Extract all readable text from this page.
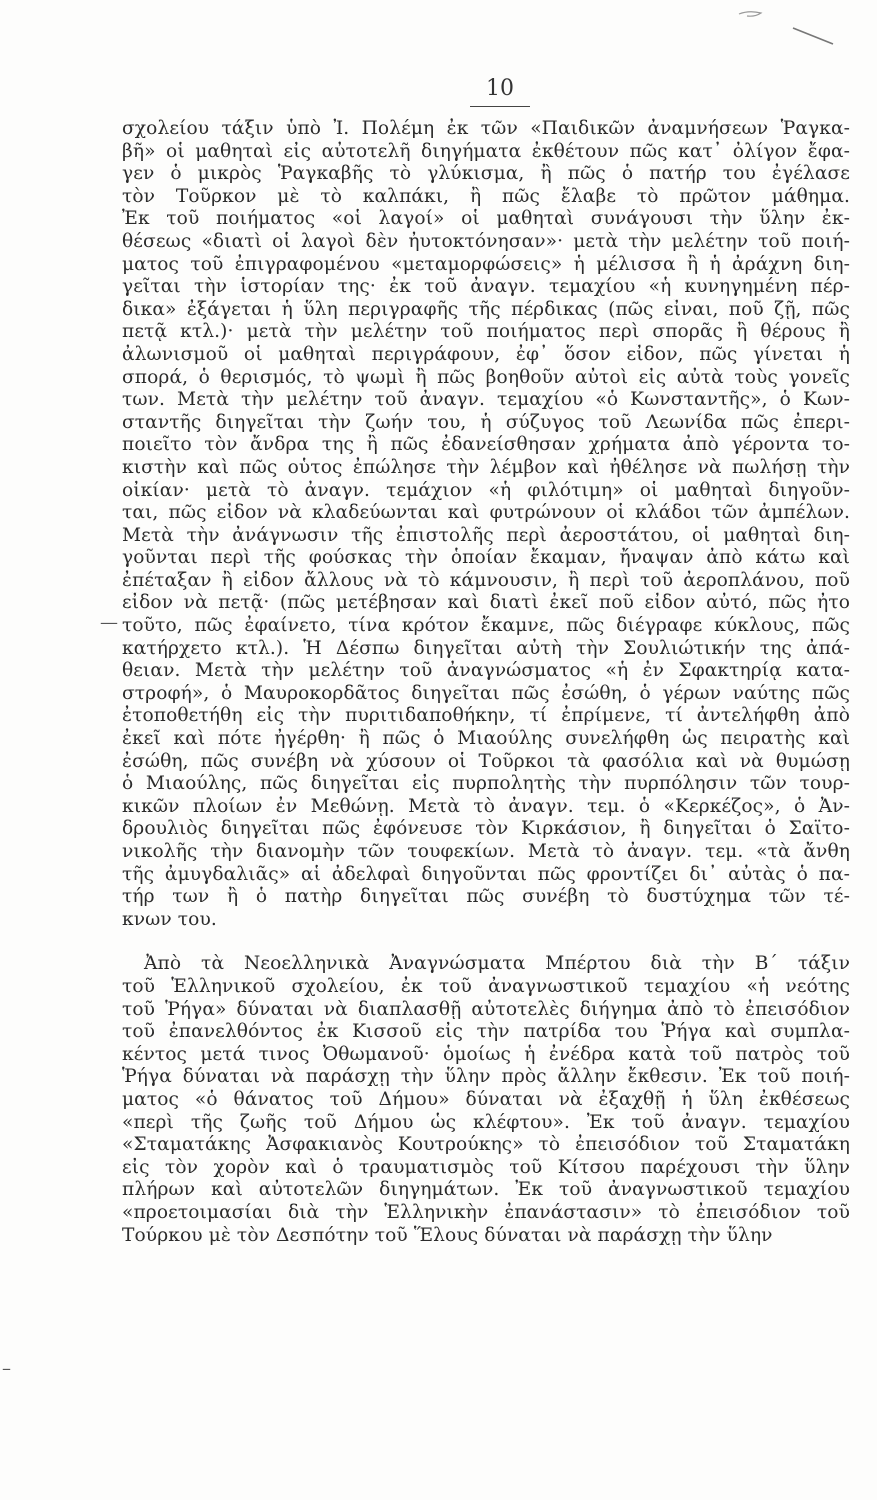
10
σχολείου τάξιν ὑπὸ Ἰ. Πολέμη ἐκ τῶν «Παιδικῶν ἀναμνήσεων Ῥαγκα-
βῆ» οἱ μαθηταὶ εἰς αὐτοτελῆ διηγήματα ἐκθέτουν πῶς κατ᾽ ὀλίγον ἔφα-
γεν ὁ μικρὸς Ῥαγκαβῆς τὸ γλύκισμα, ἢ πῶς ὁ πατήρ του ἐγέλασε
τὸν Τοῦρκον μὲ τὸ καλπάκι, ἢ πῶς ἔλαβε τὸ πρῶτον μάθημα.
Ἐκ τοῦ ποιήματος «οἱ λαγοί» οἱ μαθηταὶ συνάγουσι τὴν ὕλην ἐκ-
θέσεως «διατὶ οἱ λαγοὶ δὲν ἠυτοκτόνησαν»· μετὰ τὴν μελέτην τοῦ ποιή-
ματος τοῦ ἐπιγραφομένου «μεταμορφώσεις» ἡ μέλισσα ἢ ἡ ἀράχνη διη-
γεῖται τὴν ἱστορίαν της· ἐκ τοῦ ἀναγν. τεμαχίου «ἡ κυνηγημένη πέρ-
δικα» ἐξάγεται ἡ ὕλη περιγραφῆς τῆς πέρδικας (πῶς εἶναι, ποῦ ζῇ, πῶς
πετᾷ κτλ.)· μετὰ τὴν μελέτην τοῦ ποιήματος περὶ σπορᾶς ἢ θέρους ἢ
ἀλωνισμοῦ οἱ μαθηταὶ περιγράφουν, ἐφ᾽ ὅσον εἶδον, πῶς γίνεται ἡ
σπορά, ὁ θερισμός, τὸ ψωμὶ ἢ πῶς βοηθοῦν αὐτοὶ εἰς αὐτὰ τοὺς γονεῖς
των. Μετὰ τὴν μελέτην τοῦ ἀναγν. τεμαχίου «ὁ Κωνσταντῆς», ὁ Κων-
σταντῆς διηγεῖται τὴν ζωήν του, ἡ σύζυγος τοῦ Λεωνίδα πῶς ἐπερι-
ποιεῖτο τὸν ἄνδρα της ἢ πῶς ἐδανείσθησαν χρήματα ἀπὸ γέροντα το-
κιστὴν καὶ πῶς οὗτος ἐπώλησε τὴν λέμβον καὶ ἠθέλησε νὰ πωλήσῃ τὴν
οἰκίαν· μετὰ τὸ ἀναγν. τεμάχιον «ἡ φιλότιμη» οἱ μαθηταὶ διηγοῦν-
ται, πῶς εἶδον νὰ κλαδεύωνται καὶ φυτρώνουν οἱ κλάδοι τῶν ἀμπέλων.
Μετὰ τὴν ἀνάγνωσιν τῆς ἐπιστολῆς περὶ ἀεροστάτου, οἱ μαθηταὶ διη-
γοῦνται περὶ τῆς φούσκας τὴν ὁποίαν ἔκαμαν, ἤναψαν ἀπὸ κάτω καὶ
ἐπέταξαν ἢ εἶδον ἄλλους νὰ τὸ κάμνουσιν, ἢ περὶ τοῦ ἀεροπλάνου, ποῦ
εἶδον νὰ πετᾷ· (πῶς μετέβησαν καὶ διατὶ ἐκεῖ ποῦ εἶδον αὐτό, πῶς ἦτο
τοῦτο, πῶς ἐφαίνετο, τίνα κρότον ἔκαμνε, πῶς διέγραφε κύκλους, πῶς
κατήρχετο κτλ.). Ἡ Δέσπω διηγεῖται αὐτὴ τὴν Σουλιώτικήν της ἀπά-
θειαν. Μετὰ τὴν μελέτην τοῦ ἀναγνώσματος «ἡ ἐν Σφακτηρίᾳ κατα-
στροφή», ὁ Μαυροκορδᾶτος διηγεῖται πῶς ἐσώθη, ὁ γέρων ναύτης πῶς
ἐτοποθετήθη εἰς τὴν πυριτιδαποθήκην, τί ἐπρίμενε, τί ἀντελήφθη ἀπὸ
ἐκεῖ καὶ πότε ἠγέρθη· ἢ πῶς ὁ Μιαούλης συνελήφθη ὡς πειρατὴς καὶ
ἐσώθη, πῶς συνέβη νὰ χύσουν οἱ Τοῦρκοι τὰ φασόλια καὶ νὰ θυμώσῃ
ὁ Μιαούλης, πῶς διηγεῖται εἰς πυρπολητὴς τὴν πυρπόλησιν τῶν τουρ-
κικῶν πλοίων ἐν Μεθώνῃ. Μετὰ τὸ ἀναγν. τεμ. ὁ «Κερκέζος», ὁ Ἀν-
δρουλιὸς διηγεῖται πῶς ἐφόνευσε τὸν Κιρκάσιον, ἢ διηγεῖται ὁ Σαϊτο-
νικολῆς τὴν διανομὴν τῶν τουφεκίων. Μετὰ τὸ ἀναγν. τεμ. «τὰ ἄνθη
τῆς ἀμυγδαλιᾶς» αἱ ἀδελφαὶ διηγοῦνται πῶς φροντίζει δι᾽ αὐτὰς ὁ πα-
τήρ των ἢ ὁ πατὴρ διηγεῖται πῶς συνέβη τὸ δυστύχημα τῶν τέ-
κνων του.
Ἀπὸ τὰ Νεοελληνικὰ Ἀναγνώσματα Μπέρτου διὰ τὴν Β´ τάξιν
τοῦ Ἑλληνικοῦ σχολείου, ἐκ τοῦ ἀναγνωστικοῦ τεμαχίου «ἡ νεότης
τοῦ Ῥήγα» δύναται νὰ διαπλασθῇ αὐτοτελὲς διήγημα ἀπὸ τὸ ἐπεισόδιον
τοῦ ἐπανελθόντος ἐκ Κισσοῦ εἰς τὴν πατρίδα του Ῥήγα καὶ συμπλα-
κέντος μετά τινος Ὀθωμανοῦ· ὁμοίως ἡ ἐνέδρα κατὰ τοῦ πατρὸς τοῦ
Ῥήγα δύναται νὰ παράσχῃ τὴν ὕλην πρὸς ἄλλην ἔκθεσιν. Ἐκ τοῦ ποιή-
ματος «ὁ θάνατος τοῦ Δήμου» δύναται νὰ ἐξαχθῇ ἡ ὕλη ἐκθέσεως
«περὶ τῆς ζωῆς τοῦ Δήμου ὡς κλέφτου». Ἐκ τοῦ ἀναγν. τεμαχίου
«Σταματάκης Ἀσφακιανὸς Κουτρούκης» τὸ ἐπεισόδιον τοῦ Σταματάκη
εἰς τὸν χορὸν καὶ ὁ τραυματισμὸς τοῦ Κίτσου παρέχουσι τὴν ὕλην
πλήρων καὶ αὐτοτελῶν διηγημάτων. Ἐκ τοῦ ἀναγνωστικοῦ τεμαχίου
«προετοιμασίαι διὰ τὴν Ἑλληνικὴν ἐπανάστασιν» τὸ ἐπεισόδιον τοῦ
Τούρκου μὲ τὸν Δεσπότην τοῦ Ἕλους δύναται νὰ παράσχῃ τὴν ὕλην
—
–
